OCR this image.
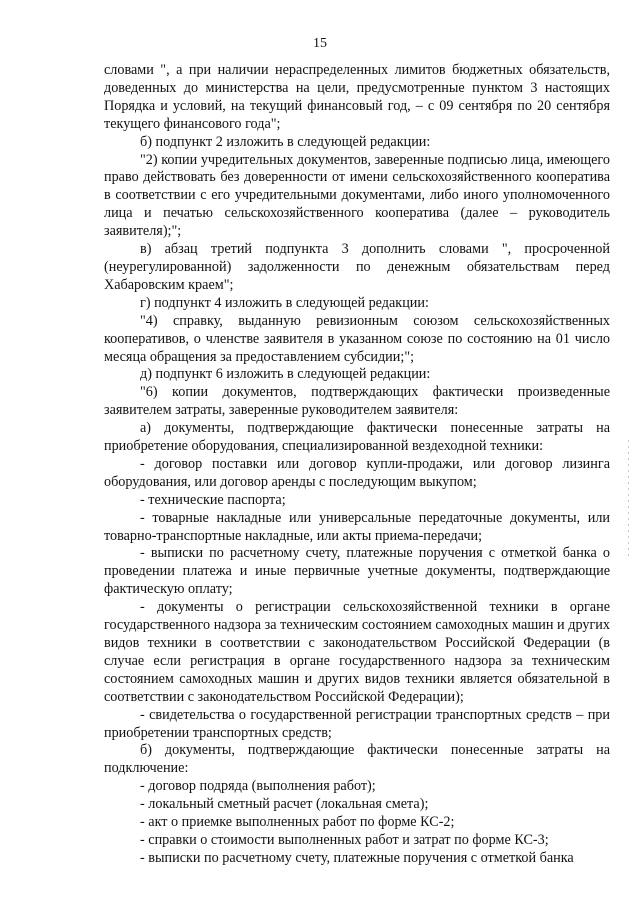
15

словами ", а при наличии нераспределенных лимитов бюджетных обязательств, доведенных до министерства на цели, предусмотренные пунктом 3 настоящих Порядка и условий, на текущий финансовый год, – с 09 сентября по 20 сентября текущего финансового года";

б) подпункт 2 изложить в следующей редакции:

"2) копии учредительных документов, заверенные подписью лица, имеющего право действовать без доверенности от имени сельскохозяйственного кооператива в соответствии с его учредительными документами, либо иного уполномоченного лица и печатью сельскохозяйственного кооператива (далее – руководитель заявителя);";

в) абзац третий подпункта 3 дополнить словами ", просроченной (неурегулированной) задолженности по денежным обязательствам перед Хабаровским краем";

г) подпункт 4 изложить в следующей редакции:

"4) справку, выданную ревизионным союзом сельскохозяйственных кооперативов, о членстве заявителя в указанном союзе по состоянию на 01 число месяца обращения за предоставлением субсидии;";

д) подпункт 6 изложить в следующей редакции:

"6) копии документов, подтверждающих фактически произведенные заявителем затраты, заверенные руководителем заявителя:

а) документы, подтверждающие фактически понесенные затраты на приобретение оборудования, специализированной вездеходной техники:

- договор поставки или договор купли-продажи, или договор лизинга оборудования, или договор аренды с последующим выкупом;

- технические паспорта;

- товарные накладные или универсальные передаточные документы, или товарно-транспортные накладные, или акты приема-передачи;

- выписки по расчетному счету, платежные поручения с отметкой банка о проведении платежа и иные первичные учетные документы, подтверждающие фактическую оплату;

- документы о регистрации сельскохозяйственной техники в органе государственного надзора за техническим состоянием самоходных машин и других видов техники в соответствии с законодательством Российской Федерации (в случае если регистрация в органе государственного надзора за техническим состоянием самоходных машин и других видов техники является обязательной в соответствии с законодательством Российской Федерации);

- свидетельства о государственной регистрации транспортных средств – при приобретении транспортных средств;

б) документы, подтверждающие фактически понесенные затраты на подключение:

- договор подряда (выполнения работ);

- локальный сметный расчет (локальная смета);

- акт о приемке выполненных работ по форме КС-2;

- справки о стоимости выполненных работ и затрат по форме КС-3;

- выписки по расчетному счету, платежные поручения с отметкой банка
